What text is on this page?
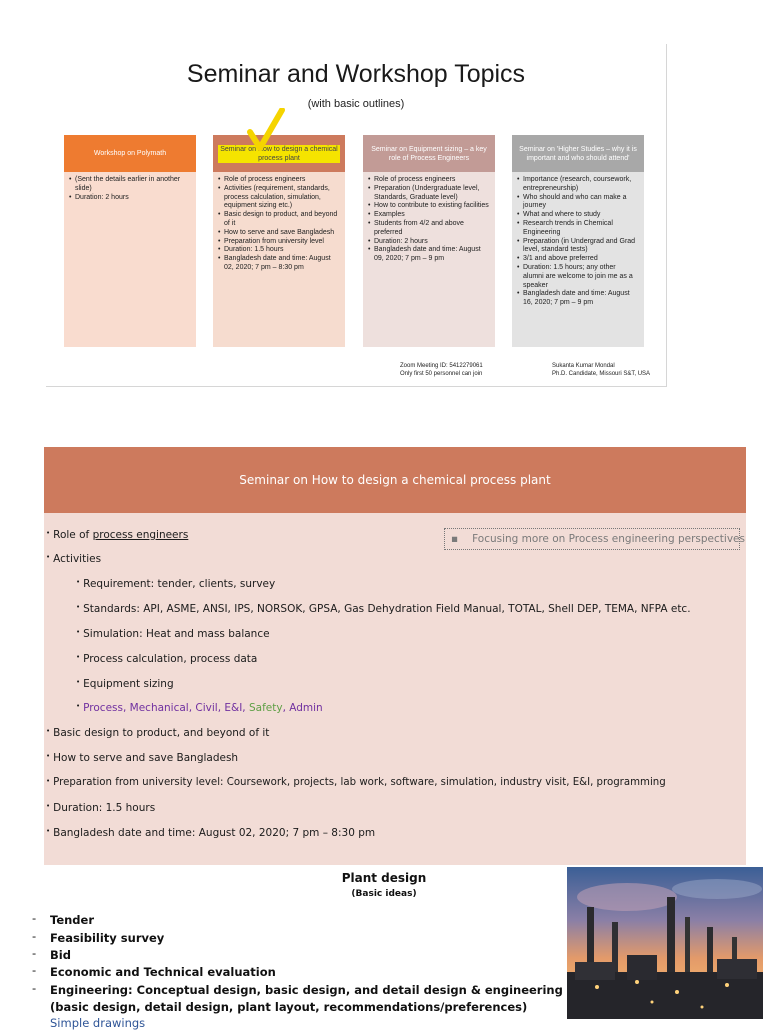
Seminar and Workshop Topics
(with basic outlines)
Workshop on Polymath
• (Sent the details earlier in another slide)
• Duration: 2 hours
Seminar on How to design a chemical process plant
• Role of process engineers
• Activities (requirement, standards, process calculation, simulation, equipment sizing etc.)
• Basic design to product, and beyond of it
• How to serve and save Bangladesh
• Preparation from university level
• Duration: 1.5 hours
• Bangladesh date and time: August 02, 2020; 7 pm – 8:30 pm
Seminar on Equipment sizing – a key role of Process Engineers
• Role of process engineers
• Preparation (Undergraduate level, Standards, Graduate level)
• How to contribute to existing facilities
• Examples
• Students from 4/2 and above preferred
• Duration: 2 hours
• Bangladesh date and time: August 09, 2020; 7 pm – 9 pm
Seminar on 'Higher Studies – why it is important and who should attend'
• Importance (research, coursework, entrepreneurship)
• Who should and who can make a journey
• What and where to study
• Research trends in Chemical Engineering
• Preparation (in Undergrad and Grad level, standard tests)
• 3/1 and above preferred
• Duration: 1.5 hours; any other alumni are welcome to join me as a speaker
• Bangladesh date and time: August 16, 2020; 7 pm – 9 pm
Zoom Meeting ID: 5412279061
Only first 50 personnel can join
Sukanta Kumar Mondal
Ph.D. Candidate, Missouri S&T, USA
Seminar on How to design a chemical process plant
• Role of process engineers	▪ Focusing more on Process engineering perspectives
• Activities
• Requirement: tender, clients, survey
• Standards: API, ASME, ANSI, IPS, NORSOK, GPSA, Gas Dehydration Field Manual, TOTAL, Shell DEP, TEMA, NFPA etc.
• Simulation: Heat and mass balance
• Process calculation, process data
• Equipment sizing
• Process, Mechanical, Civil, E&I, Safety, Admin
• Basic design to product, and beyond of it
• How to serve and save Bangladesh
• Preparation from university level: Coursework, projects, lab work, software, simulation, industry visit, E&I, programming
• Duration: 1.5 hours
• Bangladesh date and time: August 02, 2020; 7 pm – 8:30 pm
Plant design
(Basic ideas)
- Tender
- Feasibility survey
- Bid
- Economic and Technical evaluation
- Engineering: Conceptual design, basic design, and detail design & engineering
(basic design, detail design, plant layout, recommendations/preferences)
Simple drawings
